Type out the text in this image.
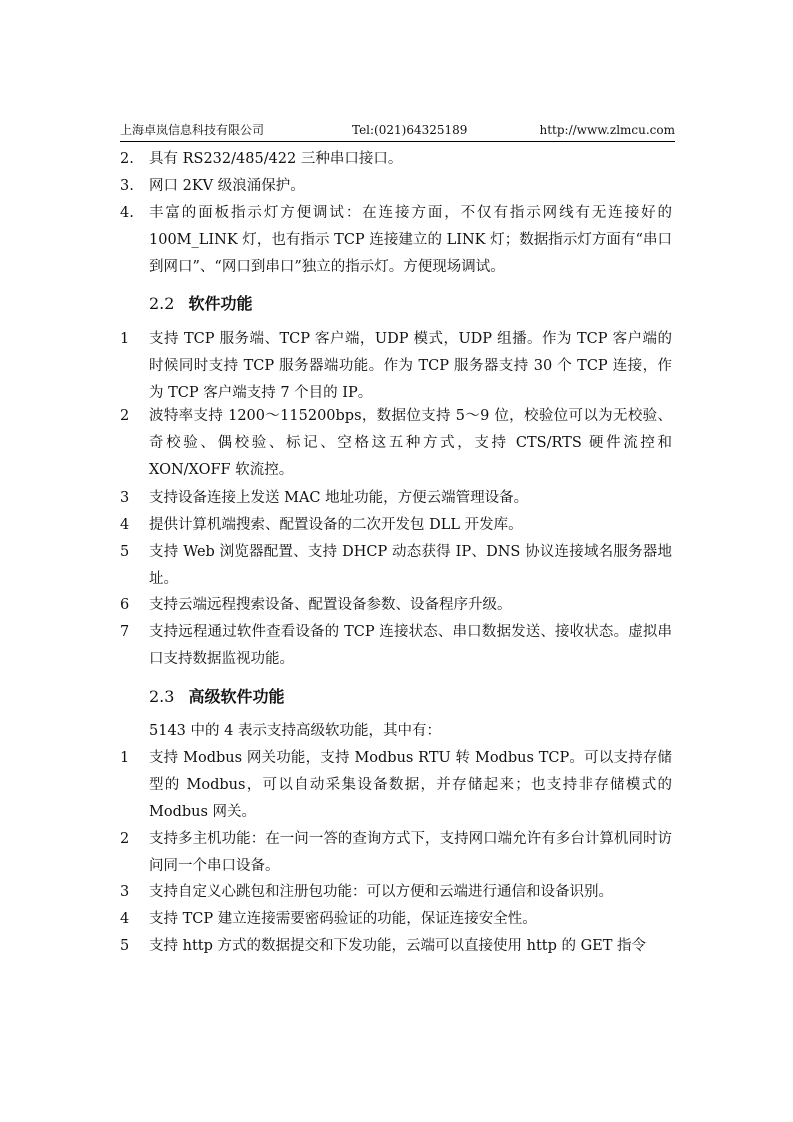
上海卓岚信息科技有限公司	Tel:(021)64325189	http://www.zlmcu.com
2. 具有 RS232/485/422 三种串口接口。
3. 网口 2KV 级浪涌保护。
4. 丰富的面板指示灯方便调试：在连接方面，不仅有指示网线有无连接好的100M_LINK 灯，也有指示 TCP 连接建立的 LINK 灯；数据指示灯方面有“串口到网口”、“网口到串口”独立的指示灯。方便现场调试。
2.2 软件功能
1 支持 TCP 服务端、TCP 客户端，UDP 模式，UDP 组播。作为 TCP 客户端的时候同时支持 TCP 服务器端功能。作为 TCP 服务器支持 30 个 TCP 连接，作为 TCP 客户端支持 7 个目的 IP。
2 波特率支持 1200～115200bps，数据位支持 5～9 位，校验位可以为无校验、奇校验、偶校验、标记、空格这五种方式，支持 CTS/RTS 硬件流控和XON/XOFF 软流控。
3 支持设备连接上发送 MAC 地址功能，方便云端管理设备。
4 提供计算机端搜索、配置设备的二次开发包 DLL 开发库。
5 支持 Web 浏览器配置、支持 DHCP 动态获得 IP、DNS 协议连接域名服务器地址。
6 支持云端远程搜索设备、配置设备参数、设备程序升级。
7 支持远程通过软件查看设备的 TCP 连接状态、串口数据发送、接收状态。虚拟串口支持数据监视功能。
2.3 高级软件功能
5143 中的 4 表示支持高级软功能，其中有：
1 支持 Modbus 网关功能，支持 Modbus RTU 转 Modbus TCP。可以支持存储型的 Modbus，可以自动采集设备数据，并存储起来；也支持非存储模式的Modbus 网关。
2 支持多主机功能：在一问一答的查询方式下，支持网口端允许有多台计算机同时访问同一个串口设备。
3 支持自定义心跳包和注册包功能：可以方便和云端进行通信和设备识别。
4 支持 TCP 建立连接需要密码验证的功能，保证连接安全性。
5 支持 http 方式的数据提交和下发功能，云端可以直接使用 http 的 GET 指令
